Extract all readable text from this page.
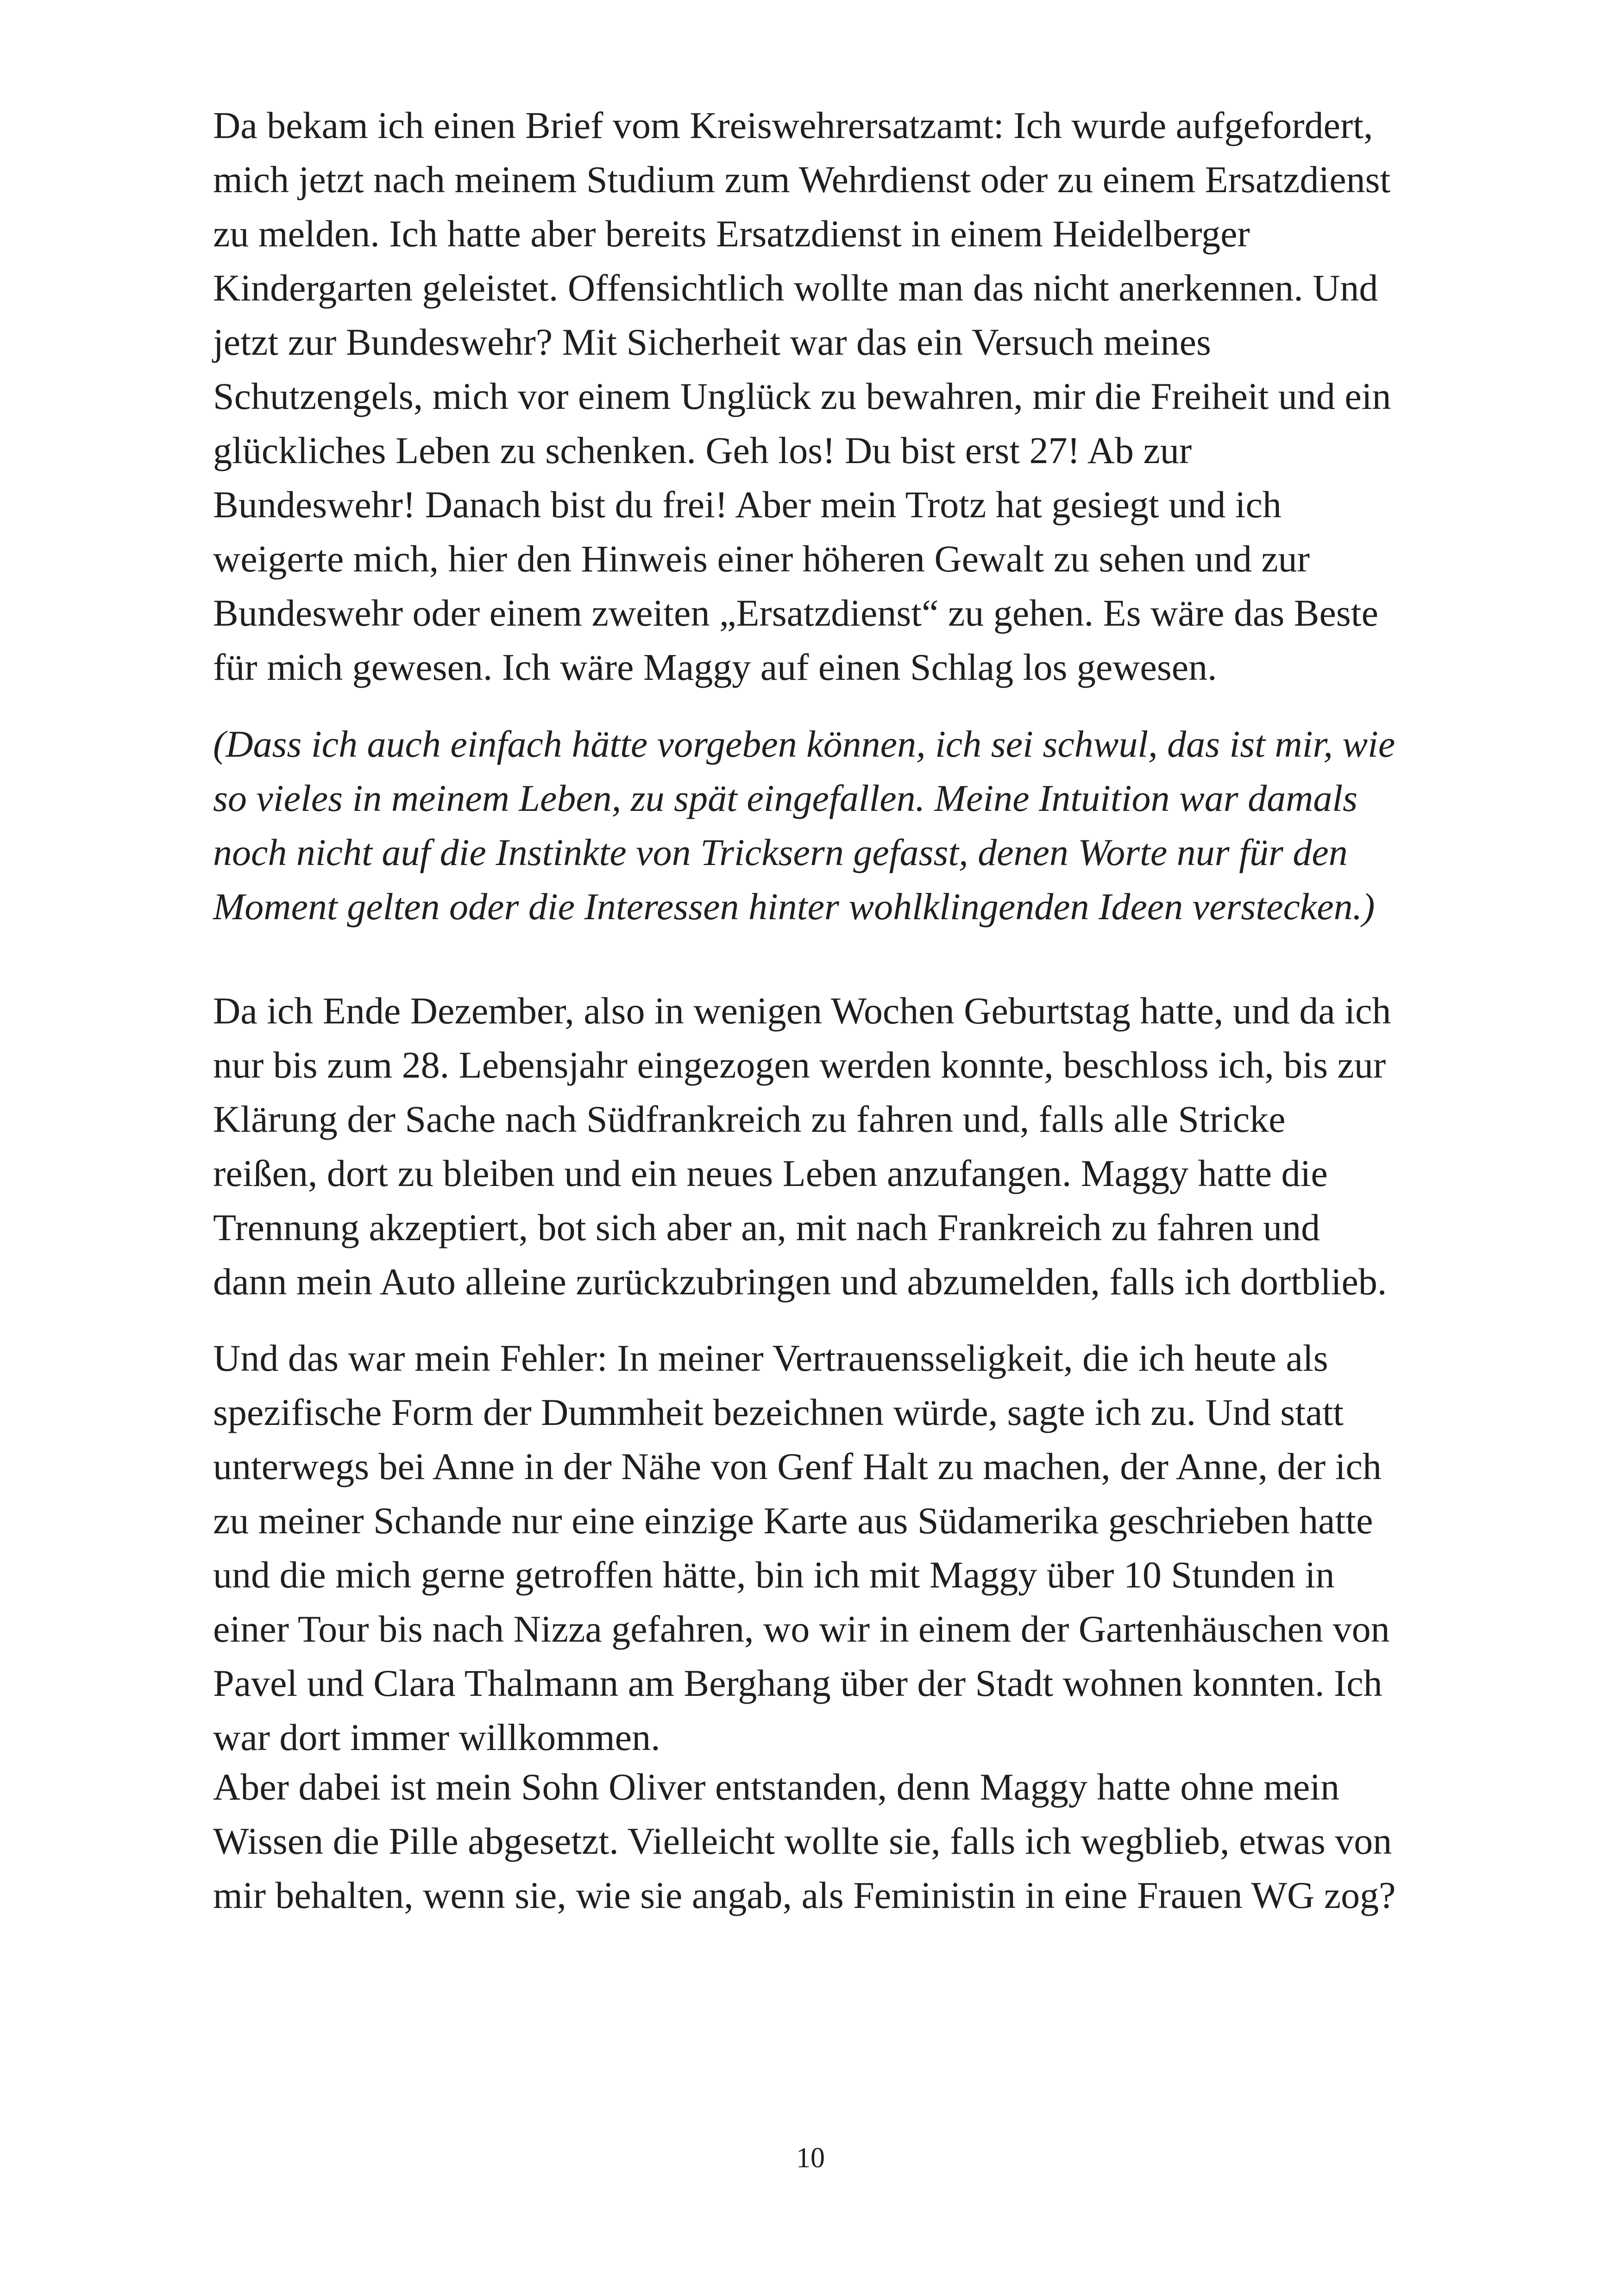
Da bekam ich einen Brief vom Kreiswehrersatzamt: Ich wurde aufgefordert,
mich jetzt nach meinem Studium zum Wehrdienst oder zu einem Ersatzdienst
zu melden. Ich hatte aber bereits Ersatzdienst in einem Heidelberger
Kindergarten geleistet. Offensichtlich wollte man das nicht anerkennen. Und
jetzt zur Bundeswehr? Mit Sicherheit war das ein Versuch meines
Schutzengels, mich vor einem Unglück zu bewahren, mir die Freiheit und ein
glückliches Leben zu schenken. Geh los! Du bist erst 27! Ab zur
Bundeswehr! Danach bist du frei! Aber mein Trotz hat gesiegt und ich
weigerte mich, hier den Hinweis einer höheren Gewalt zu sehen und zur
Bundeswehr oder einem zweiten „Ersatzdienst“ zu gehen. Es wäre das Beste
für mich gewesen. Ich wäre Maggy auf einen Schlag los gewesen.

(Dass ich auch einfach hätte vorgeben können, ich sei schwul, das ist mir, wie
so vieles in meinem Leben, zu spät eingefallen. Meine Intuition war damals
noch nicht auf die Instinkte von Tricksern gefasst, denen Worte nur für den
Moment gelten oder die Interessen hinter wohlklingenden Ideen verstecken.)

Da ich Ende Dezember, also in wenigen Wochen Geburtstag hatte, und da ich
nur bis zum 28. Lebensjahr eingezogen werden konnte, beschloss ich, bis zur
Klärung der Sache nach Südfrankreich zu fahren und, falls alle Stricke
reißen, dort zu bleiben und ein neues Leben anzufangen. Maggy hatte die
Trennung akzeptiert, bot sich aber an, mit nach Frankreich zu fahren und
dann mein Auto alleine zurückzubringen und abzumelden, falls ich dortblieb.

Und das war mein Fehler: In meiner Vertrauensseligkeit, die ich heute als
spezifische Form der Dummheit bezeichnen würde, sagte ich zu. Und statt
unterwegs bei Anne in der Nähe von Genf Halt zu machen, der Anne, der ich
zu meiner Schande nur eine einzige Karte aus Südamerika geschrieben hatte
und die mich gerne getroffen hätte, bin ich mit Maggy über 10 Stunden in
einer Tour bis nach Nizza gefahren, wo wir in einem der Gartenhäuschen von
Pavel und Clara Thalmann am Berghang über der Stadt wohnen konnten. Ich
war dort immer willkommen.

Aber dabei ist mein Sohn Oliver entstanden, denn Maggy hatte ohne mein
Wissen die Pille abgesetzt. Vielleicht wollte sie, falls ich wegblieb, etwas von
mir behalten, wenn sie, wie sie angab, als Feministin in eine Frauen WG zog?

10
